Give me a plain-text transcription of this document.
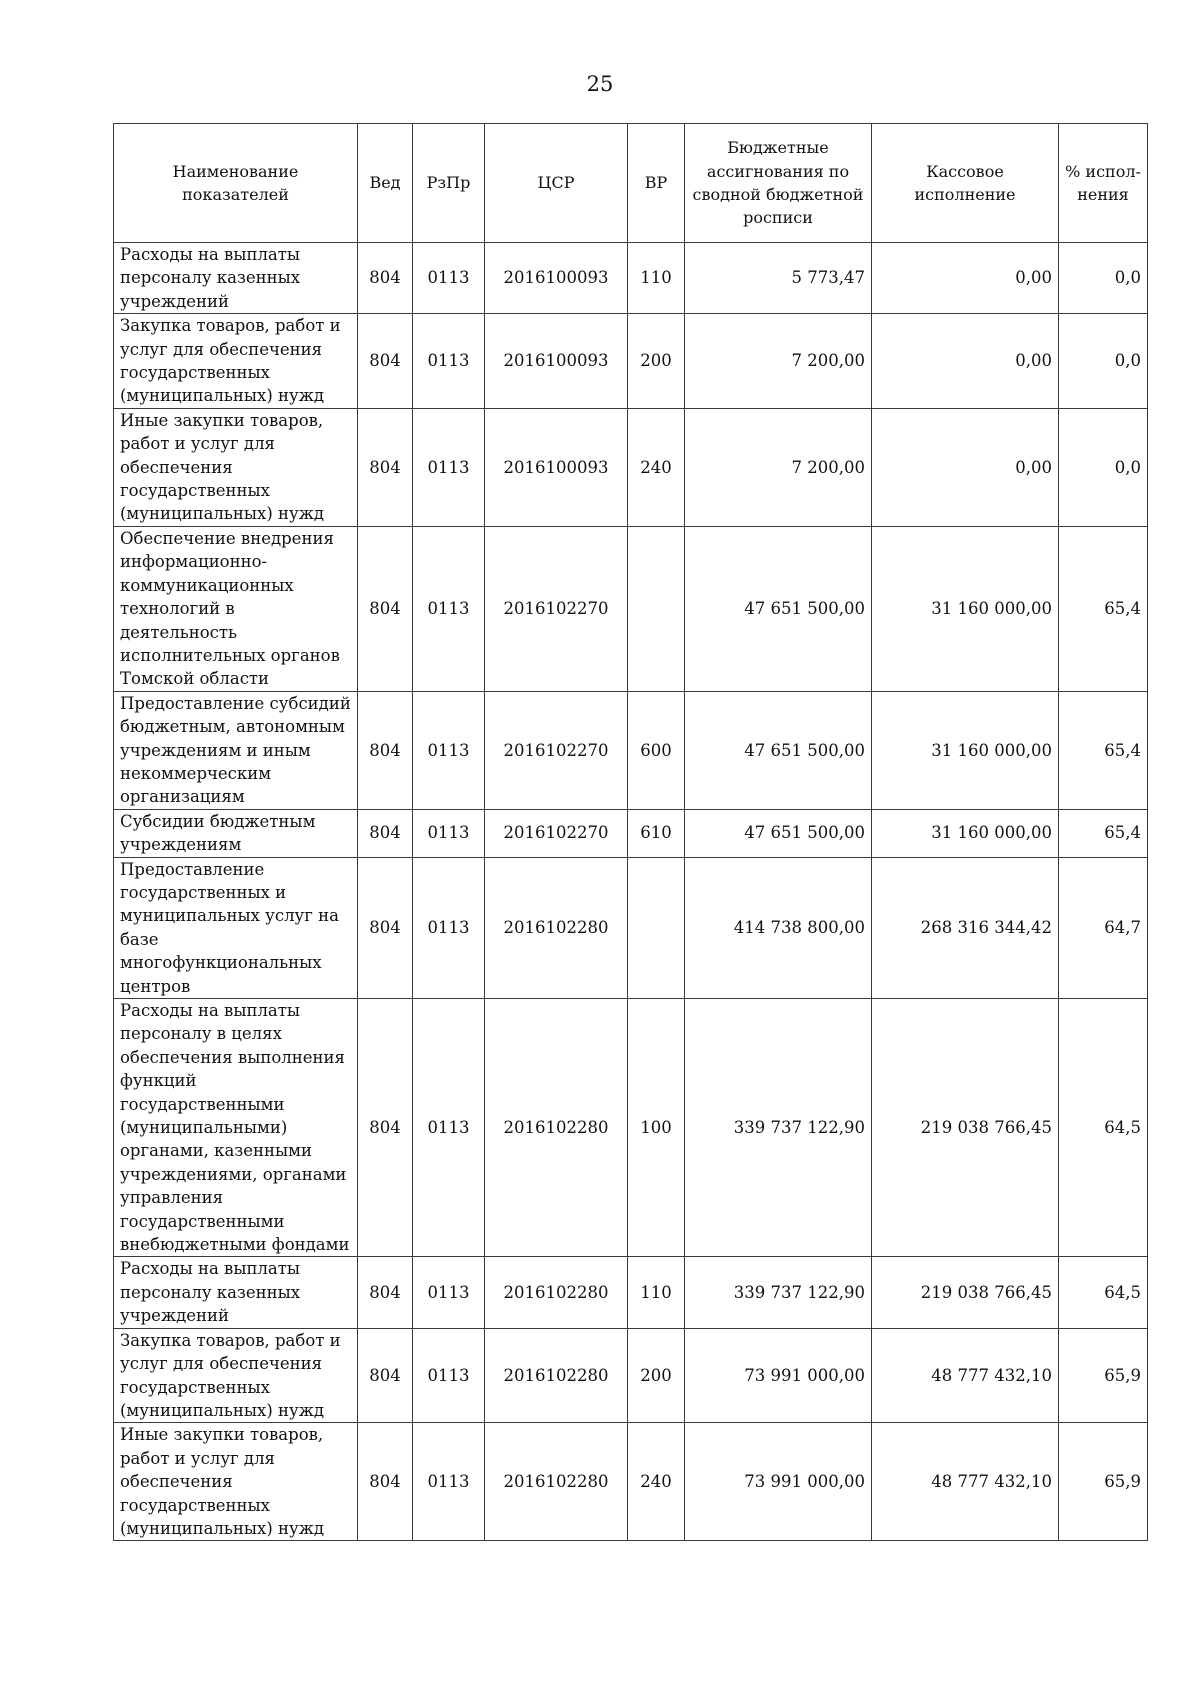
25
Наименование показателей	Вед	РзПр	ЦСР	ВР	Бюджетные ассигнования по сводной бюджетной росписи	Кассовое исполнение	% испол-нения
Расходы на выплаты персоналу казенных учреждений	804	0113	2016100093	110	5 773,47	0,00	0,0
Закупка товаров, работ и услуг для обеспечения государственных (муниципальных) нужд	804	0113	2016100093	200	7 200,00	0,00	0,0
Иные закупки товаров, работ и услуг для обеспечения государственных (муниципальных) нужд	804	0113	2016100093	240	7 200,00	0,00	0,0
Обеспечение внедрения информационно-коммуникационных технологий в деятельность исполнительных органов Томской области	804	0113	2016102270		47 651 500,00	31 160 000,00	65,4
Предоставление субсидий бюджетным, автономным учреждениям и иным некоммерческим организациям	804	0113	2016102270	600	47 651 500,00	31 160 000,00	65,4
Субсидии бюджетным учреждениям	804	0113	2016102270	610	47 651 500,00	31 160 000,00	65,4
Предоставление государственных и муниципальных услуг на базе многофункциональных центров	804	0113	2016102280		414 738 800,00	268 316 344,42	64,7
Расходы на выплаты персоналу в целях обеспечения выполнения функций государственными (муниципальными) органами, казенными учреждениями, органами управления государственными внебюджетными фондами	804	0113	2016102280	100	339 737 122,90	219 038 766,45	64,5
Расходы на выплаты персоналу казенных учреждений	804	0113	2016102280	110	339 737 122,90	219 038 766,45	64,5
Закупка товаров, работ и услуг для обеспечения государственных (муниципальных) нужд	804	0113	2016102280	200	73 991 000,00	48 777 432,10	65,9
Иные закупки товаров, работ и услуг для обеспечения государственных (муниципальных) нужд	804	0113	2016102280	240	73 991 000,00	48 777 432,10	65,9
